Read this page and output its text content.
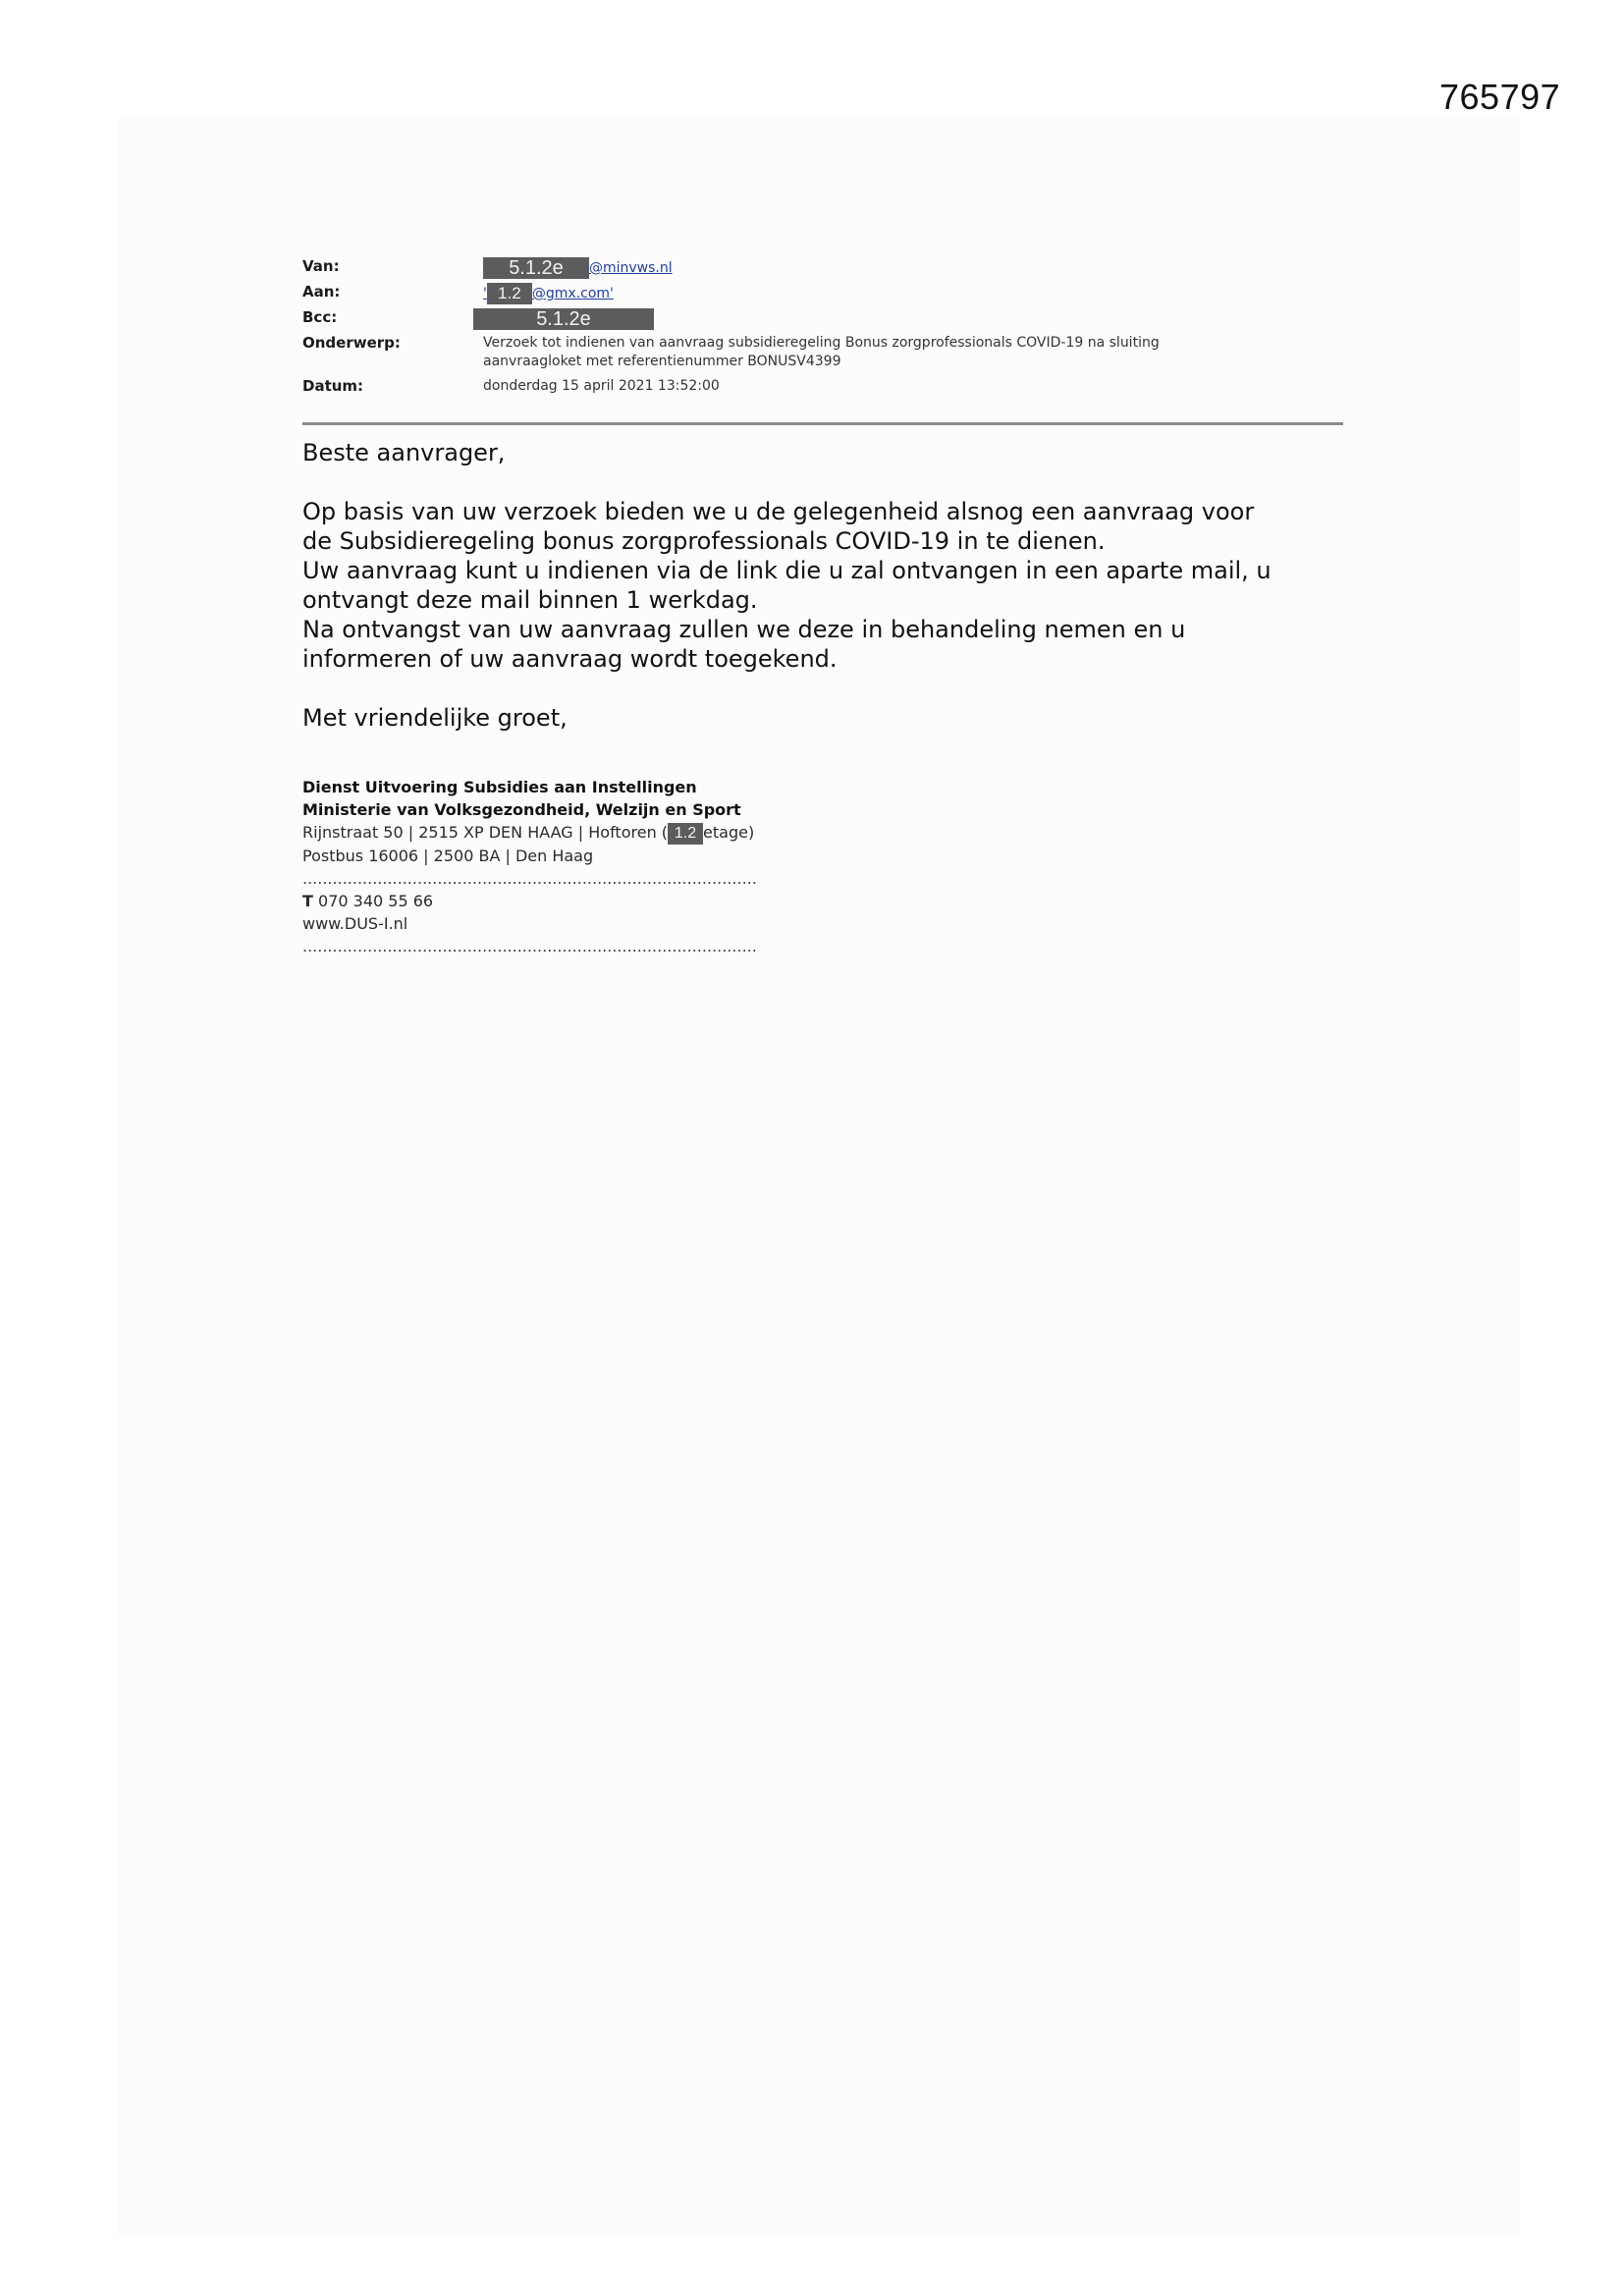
765797
Van:	5.1.2e @minvws.nl
Aan:	' 1.2 @gmx.com'
Bcc:	5.1.2e
Onderwerp:	Verzoek tot indienen van aanvraag subsidieregeling Bonus zorgprofessionals COVID-19 na sluiting
aanvraagloket met referentienummer BONUSV4399
Datum:	donderdag 15 april 2021 13:52:00

Beste aanvrager,

Op basis van uw verzoek bieden we u de gelegenheid alsnog een aanvraag voor

de Subsidieregeling bonus zorgprofessionals COVID-19 in te dienen.

Uw aanvraag kunt u indienen via de link die u zal ontvangen in een aparte mail, u

ontvangt deze mail binnen 1 werkdag.

Na ontvangst van uw aanvraag zullen we deze in behandeling nemen en u

informeren of uw aanvraag wordt toegekend.

Met vriendelijke groet,

Dienst Uitvoering Subsidies aan Instellingen
Ministerie van Volksgezondheid, Welzijn en Sport
Rijnstraat 50 | 2515 XP DEN HAAG | Hoftoren ( 1.2 etage)
Postbus 16006 | 2500 BA | Den Haag
...........................................................................................
T 070 340 55 66
www.DUS-I.nl
...........................................................................................
